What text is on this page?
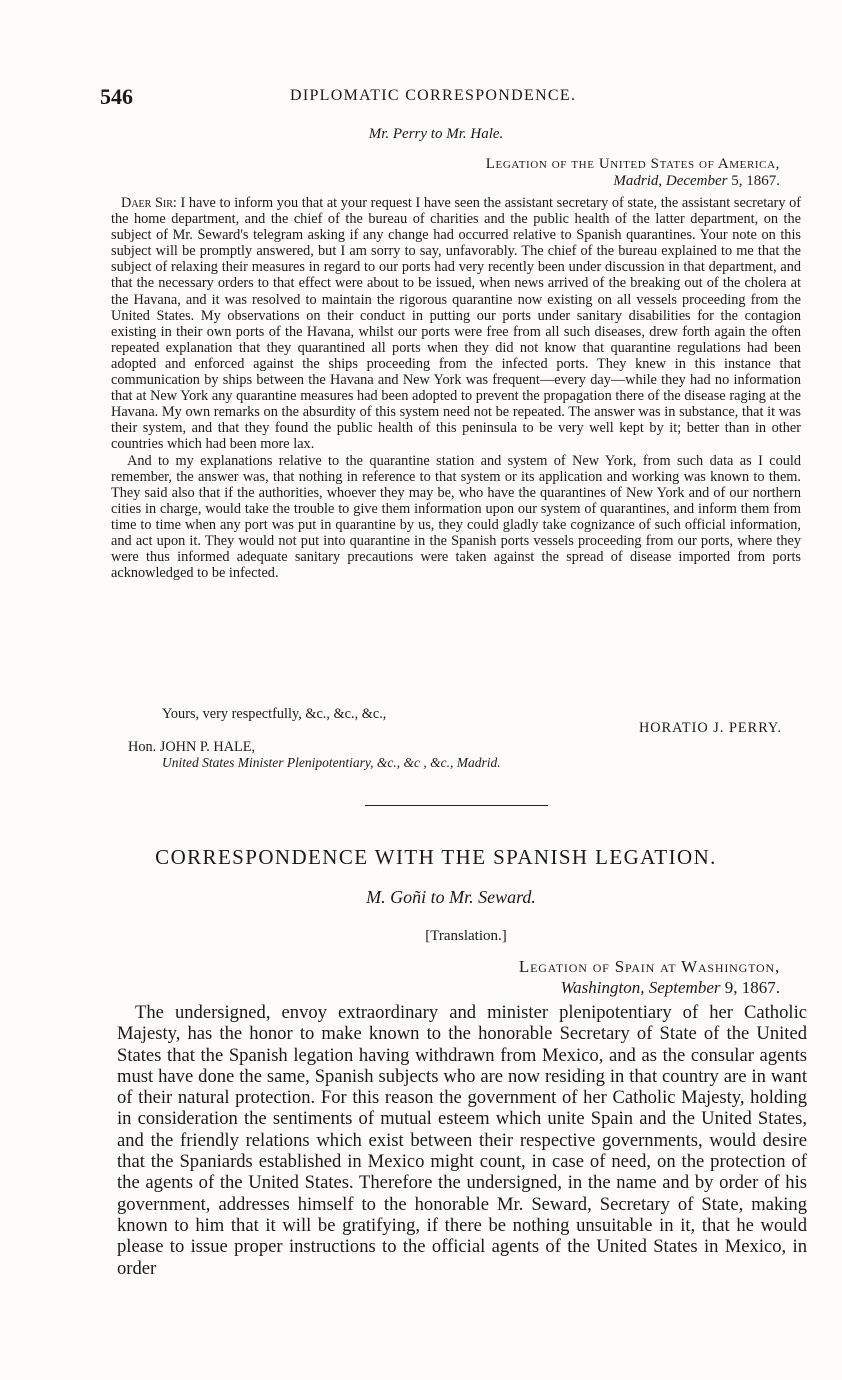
546	DIPLOMATIC CORRESPONDENCE.
Mr. Perry to Mr. Hale.
Legation of the United States of America,
Madrid, December 5, 1867.

Daer Sir: I have to inform you that at your request I have seen the assistant secretary of state, the assistant secretary of the home department, and the chief of the bureau of charities and the public health of the latter department, on the subject of Mr. Seward's telegram asking if any change had occurred relative to Spanish quarantines. Your note on this subject will be promptly answered, but I am sorry to say, unfavorably. The chief of the bureau explained to me that the subject of relaxing their measures in regard to our ports had very recently been under discussion in that department, and that the necessary orders to that effect were about to be issued, when news arrived of the breaking out of the cholera at the Havana, and it was resolved to maintain the rigorous quarantine now existing on all vessels proceeding from the United States. My observations on their conduct in putting our ports under sanitary disabilities for the contagion existing in their own ports of the Havana, whilst our ports were free from all such diseases, drew forth again the often repeated explanation that they quarantined all ports when they did not know that quarantine regulations had been adopted and enforced against the ships proceeding from the infected ports. They knew in this instance that communication by ships between the Havana and New York was frequent—every day—while they had no information that at New York any quarantine measures had been adopted to prevent the propagation there of the disease raging at the Havana. My own remarks on the absurdity of this system need not be repeated. The answer was in substance, that it was their system, and that they found the public health of this peninsula to be very well kept by it; better than in other countries which had been more lax.

And to my explanations relative to the quarantine station and system of New York, from such data as I could remember, the answer was, that nothing in reference to that system or its application and working was known to them. They said also that if the authorities, whoever they may be, who have the quarantines of New York and of our northern cities in charge, would take the trouble to give them information upon our system of quarantines, and inform them from time to time when any port was put in quarantine by us, they could gladly take cognizance of such official information, and act upon it. They would not put into quarantine in the Spanish ports vessels proceeding from our ports, where they were thus informed adequate sanitary precautions were taken against the spread of disease imported from ports acknowledged to be infected.

Yours, very respectfully, &c., &c., &c.,
HORATIO J. PERRY.
Hon. JOHN P. HALE,
United States Minister Plenipotentiary, &c., &c , &c., Madrid.
CORRESPONDENCE WITH THE SPANISH LEGATION.
M. Goñi to Mr. Seward.
[Translation.]
Legation of Spain at Washington,
Washington, September 9, 1867.

The undersigned, envoy extraordinary and minister plenipotentiary of her Catholic Majesty, has the honor to make known to the honorable Secretary of State of the United States that the Spanish legation having withdrawn from Mexico, and as the consular agents must have done the same, Spanish subjects who are now residing in that country are in want of their natural protection. For this reason the government of her Catholic Majesty, holding in consideration the sentiments of mutual esteem which unite Spain and the United States, and the friendly relations which exist between their respective governments, would desire that the Spaniards established in Mexico might count, in case of need, on the protection of the agents of the United States. Therefore the undersigned, in the name and by order of his government, addresses himself to the honorable Mr. Seward, Secretary of State, making known to him that it will be gratifying, if there be nothing unsuitable in it, that he would please to issue proper instructions to the official agents of the United States in Mexico, in order
